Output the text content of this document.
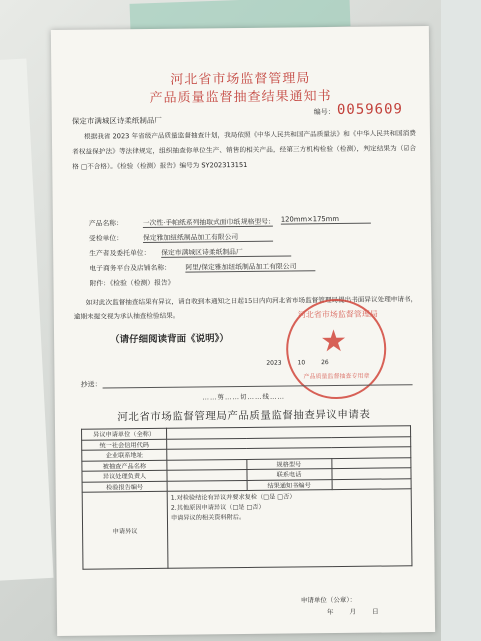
河北省市场监督管理局
产品质量监督抽查结果通知书
编号： 0059609
保定市满城区诗柔纸制品厂
根据我省 2023 年省级产品质量监督抽查计划，我局依照《中华人民共和国产品质量法》和《中华人民共和国消费者权益保护法》等法律规定，组织抽查你单位生产、销售的相关产品，经第三方机构检验（检测），判定结果为（☑合格 □不合格）。《检验（检测）报告》编号为 SY202313151
产品名称：	一次性·手帕纸系列抽取式面巾纸 规格型号： 120mm×175mm
受检单位：	保定雅加纽纸制品加工有限公司
生产者及委托单位： 保定市满城区诗柔纸制品厂
电子商务平台及店铺名称： 阿里/保定雅加纽纸制品加工有限公司
附件：《检验（检测）报告》
如对此次监督抽查结果有异议，请自收到本通知之日起15日内向河北省市场监督管理局提出书面异议处理申请书，逾期未提交视为承认抽查检验结果。
（请仔细阅读背面《说明》）
河北省市场监督管理局
★
产品质量监督抽查专用章
2023	10	26
抄送：
……剪……切……线……
河北省市场监督管理局产品质量监督抽查异议申请表
异议申请单位（全称）			
统一社会信用代码			
企业联系地址			
被抽查产品名称		规格型号	
异议处理负责人		联系电话	
检验报告编号		结果通知书编号	
申请异议	1.对检验结论有异议并要求复检（□是 □否）
2.其他原因申请异议（□是 □否）
申请异议的相关资料附后。		
申请单位（公章）：
年 月 日
